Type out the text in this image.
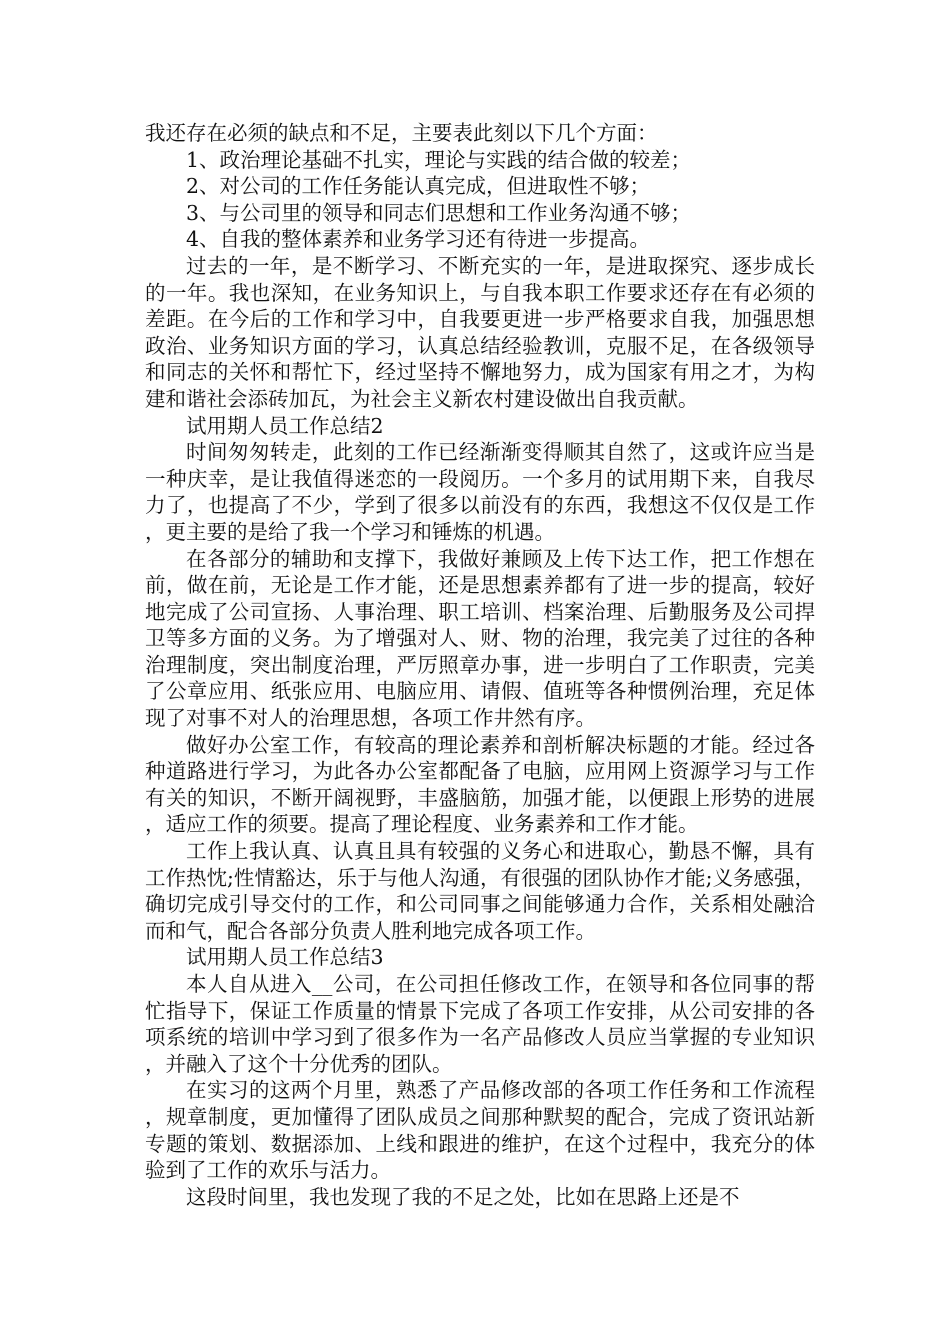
我还存在必须的缺点和不足，主要表此刻以下几个方面：

1、政治理论基础不扎实，理论与实践的结合做的较差；

2、对公司的工作任务能认真完成，但进取性不够；

3、与公司里的领导和同志们思想和工作业务沟通不够；

4、自我的整体素养和业务学习还有待进一步提高。

过去的一年，是不断学习、不断充实的一年，是进取探究、逐步成长的一年。我也深知，在业务知识上，与自我本职工作要求还存在有必须的差距。在今后的工作和学习中，自我要更进一步严格要求自我，加强思想政治、业务知识方面的学习，认真总结经验教训，克服不足，在各级领导和同志的关怀和帮忙下，经过坚持不懈地努力，成为国家有用之才，为构建和谐社会添砖加瓦，为社会主义新农村建设做出自我贡献。

试用期人员工作总结2

时间匆匆转走，此刻的工作已经渐渐变得顺其自然了，这或许应当是一种庆幸，是让我值得迷恋的一段阅历。一个多月的试用期下来，自我尽力了，也提高了不少，学到了很多以前没有的东西，我想这不仅仅是工作，更主要的是给了我一个学习和锤炼的机遇。

在各部分的辅助和支撑下，我做好兼顾及上传下达工作，把工作想在前，做在前，无论是工作才能，还是思想素养都有了进一步的提高，较好地完成了公司宣扬、人事治理、职工培训、档案治理、后勤服务及公司捍卫等多方面的义务。为了增强对人、财、物的治理，我完美了过往的各种治理制度，突出制度治理，严厉照章办事，进一步明白了工作职责，完美了公章应用、纸张应用、电脑应用、请假、值班等各种惯例治理，充足体现了对事不对人的治理思想，各项工作井然有序。

做好办公室工作，有较高的理论素养和剖析解决标题的才能。经过各种道路进行学习，为此各办公室都配备了电脑，应用网上资源学习与工作有关的知识，不断开阔视野，丰盛脑筋，加强才能，以便跟上形势的进展，适应工作的须要。提高了理论程度、业务素养和工作才能。

工作上我认真、认真且具有较强的义务心和进取心，勤恳不懈，具有工作热忱;性情豁达，乐于与他人沟通，有很强的团队协作才能;义务感强，确切完成引导交付的工作，和公司同事之间能够通力合作，关系相处融洽而和气，配合各部分负责人胜利地完成各项工作。

试用期人员工作总结3

本人自从进入__公司，在公司担任修改工作，在领导和各位同事的帮忙指导下，保证工作质量的情景下完成了各项工作安排，从公司安排的各项系统的培训中学习到了很多作为一名产品修改人员应当掌握的专业知识，并融入了这个十分优秀的团队。

在实习的这两个月里，熟悉了产品修改部的各项工作任务和工作流程，规章制度，更加懂得了团队成员之间那种默契的配合，完成了资讯站新专题的策划、数据添加、上线和跟进的维护，在这个过程中，我充分的体验到了工作的欢乐与活力。

这段时间里，我也发现了我的不足之处，比如在思路上还是不
